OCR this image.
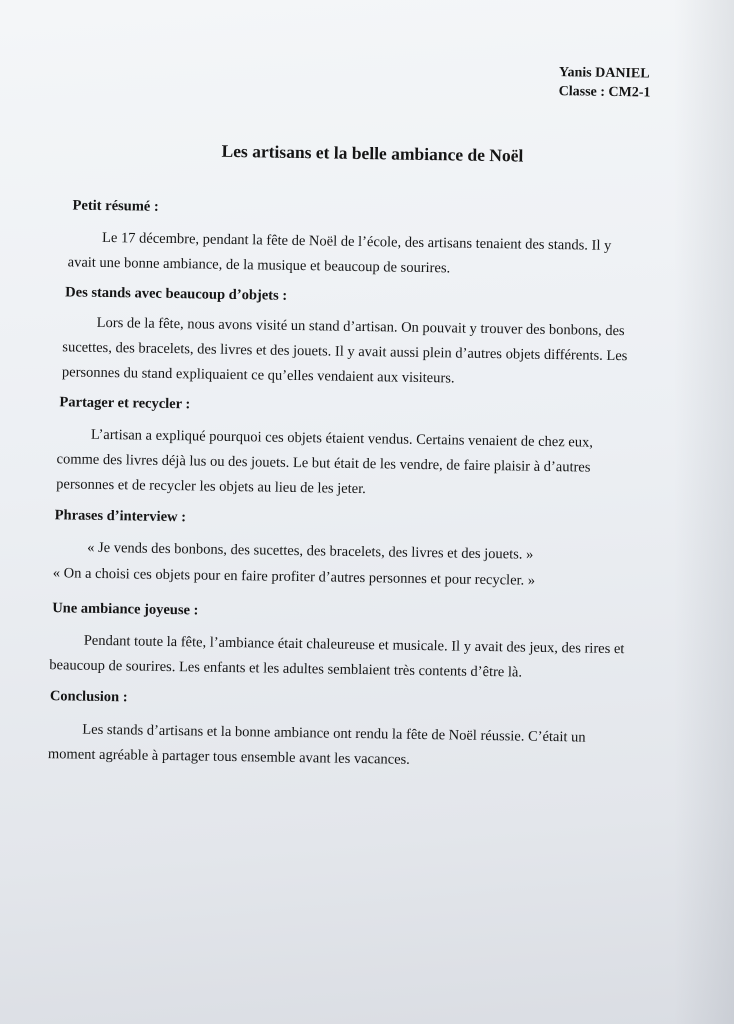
Yanis DANIEL
Classe : CM2-1
Les artisans et la belle ambiance de Noël
Petit résumé :
Le 17 décembre, pendant la fête de Noël de l’école, des artisans tenaient des stands. Il y avait une bonne ambiance, de la musique et beaucoup de sourires.
Des stands avec beaucoup d’objets :
Lors de la fête, nous avons visité un stand d’artisan. On pouvait y trouver des bonbons, des sucettes, des bracelets, des livres et des jouets. Il y avait aussi plein d’autres objets différents. Les personnes du stand expliquaient ce qu’elles vendaient aux visiteurs.
Partager et recycler :
L’artisan a expliqué pourquoi ces objets étaient vendus. Certains venaient de chez eux, comme des livres déjà lus ou des jouets. Le but était de les vendre, de faire plaisir à d’autres personnes et de recycler les objets au lieu de les jeter.
Phrases d’interview :
« Je vends des bonbons, des sucettes, des bracelets, des livres et des jouets. »
« On a choisi ces objets pour en faire profiter d’autres personnes et pour recycler. »
Une ambiance joyeuse :
Pendant toute la fête, l’ambiance était chaleureuse et musicale. Il y avait des jeux, des rires et beaucoup de sourires. Les enfants et les adultes semblaient très contents d’être là.
Conclusion :
Les stands d’artisans et la bonne ambiance ont rendu la fête de Noël réussie. C’était un moment agréable à partager tous ensemble avant les vacances.
